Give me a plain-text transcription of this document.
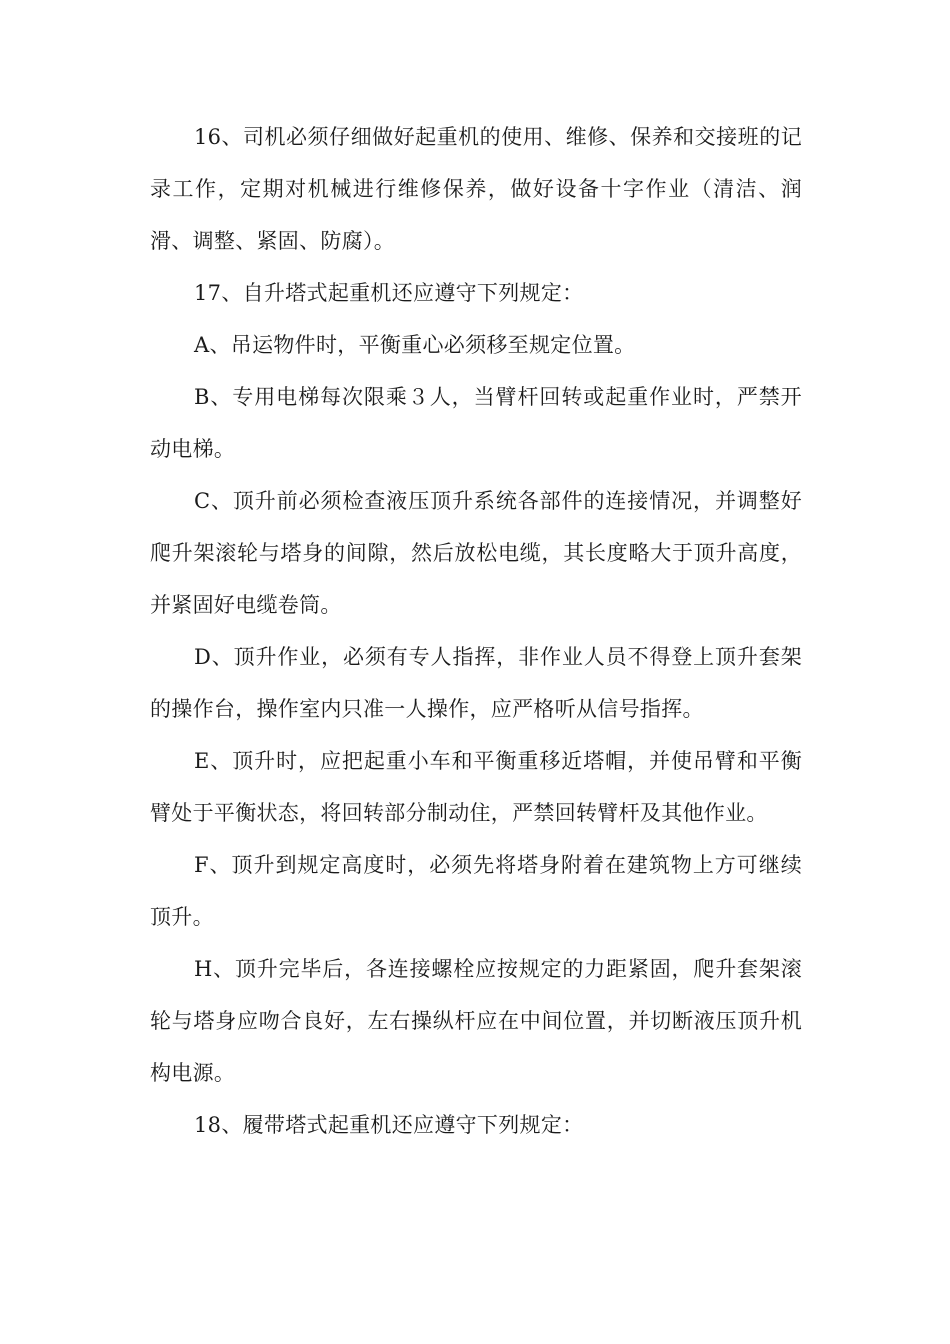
16、司机必须仔细做好起重机的使用、维修、保养和交接班的记录工作，定期对机械进行维修保养，做好设备十字作业（清洁、润滑、调整、紧固、防腐）。

17、自升塔式起重机还应遵守下列规定：

A、吊运物件时，平衡重心必须移至规定位置。

B、专用电梯每次限乘３人，当臂杆回转或起重作业时，严禁开动电梯。

C、顶升前必须检查液压顶升系统各部件的连接情况，并调整好爬升架滚轮与塔身的间隙，然后放松电缆，其长度略大于顶升高度，并紧固好电缆卷筒。

D、顶升作业，必须有专人指挥，非作业人员不得登上顶升套架的操作台，操作室内只准一人操作，应严格听从信号指挥。

E、顶升时，应把起重小车和平衡重移近塔帽，并使吊臂和平衡臂处于平衡状态，将回转部分制动住，严禁回转臂杆及其他作业。

F、顶升到规定高度时，必须先将塔身附着在建筑物上方可继续顶升。

H、顶升完毕后，各连接螺栓应按规定的力距紧固，爬升套架滚轮与塔身应吻合良好，左右操纵杆应在中间位置，并切断液压顶升机构电源。

18、履带塔式起重机还应遵守下列规定：
